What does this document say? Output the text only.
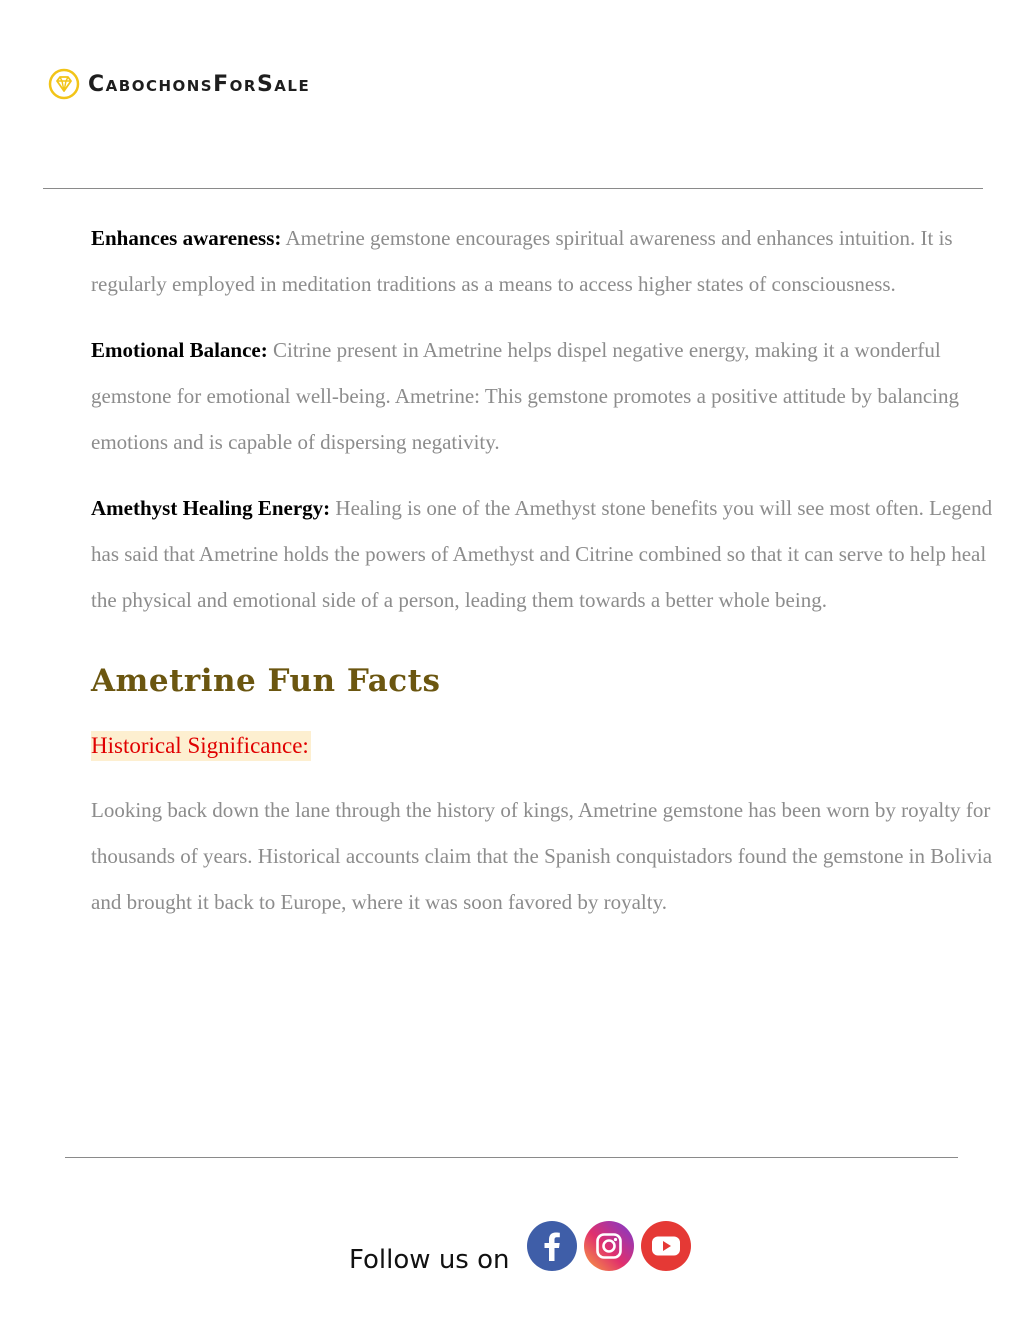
CabochonsForSale

Enhances awareness: Ametrine gemstone encourages spiritual awareness and enhances intuition. It is regularly employed in meditation traditions as a means to access higher states of consciousness.

Emotional Balance: Citrine present in Ametrine helps dispel negative energy, making it a wonderful gemstone for emotional well-being. Ametrine: This gemstone promotes a positive attitude by balancing emotions and is capable of dispersing negativity.

Amethyst Healing Energy: Healing is one of the Amethyst stone benefits you will see most often. Legend has said that Ametrine holds the powers of Amethyst and Citrine combined so that it can serve to help heal the physical and emotional side of a person, leading them towards a better whole being.

Ametrine Fun Facts
Historical Significance:

Looking back down the lane through the history of kings, Ametrine gemstone has been worn by royalty for thousands of years. Historical accounts claim that the Spanish conquistadors found the gemstone in Bolivia and brought it back to Europe, where it was soon favored by royalty.

Follow us on
